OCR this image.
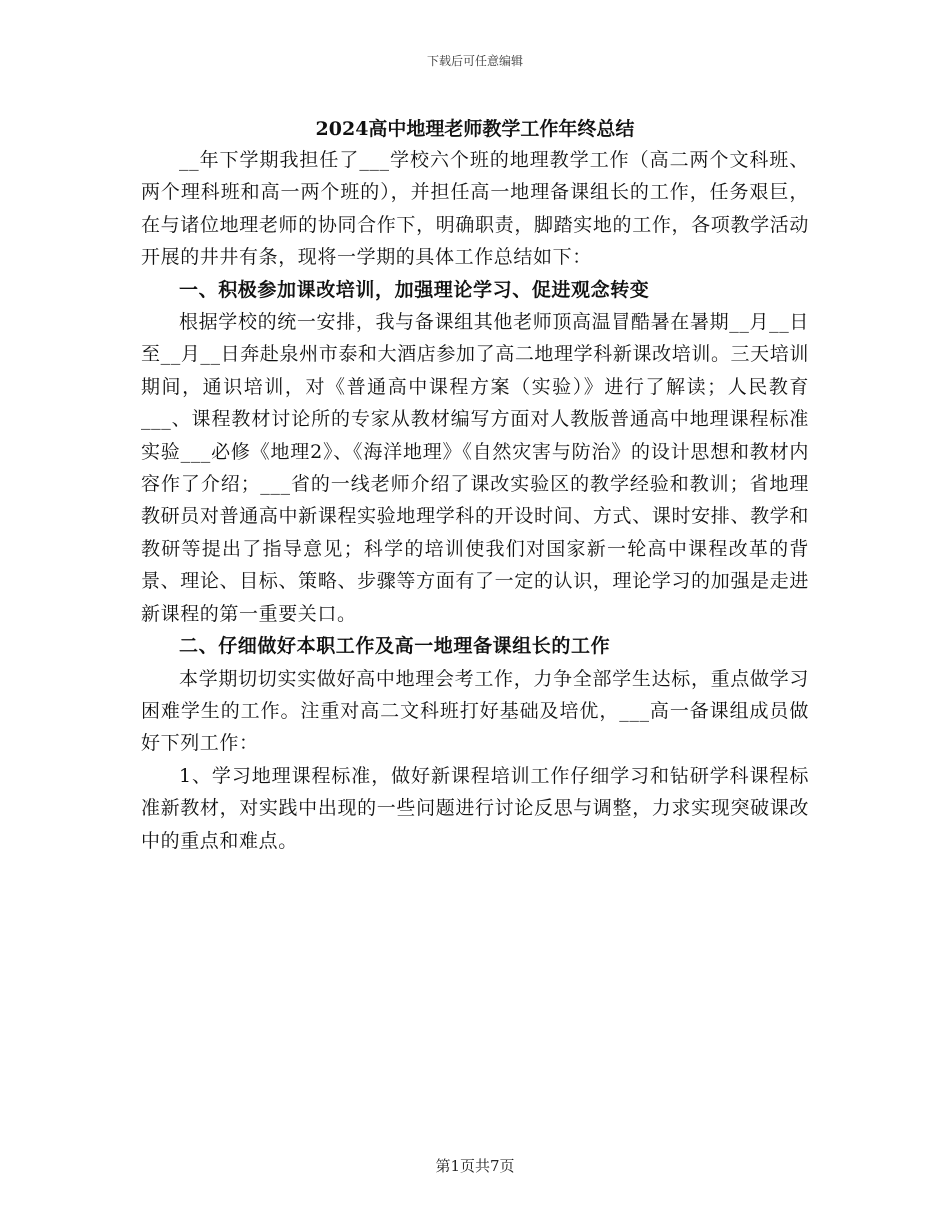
下载后可任意编辑
2024高中地理老师教学工作年终总结

__年下学期我担任了___学校六个班的地理教学工作（高二两个文科班、两个理科班和高一两个班的），并担任高一地理备课组长的工作，任务艰巨，在与诸位地理老师的协同合作下，明确职责，脚踏实地的工作，各项教学活动开展的井井有条，现将一学期的具体工作总结如下：

一、积极参加课改培训，加强理论学习、促进观念转变

根据学校的统一安排，我与备课组其他老师顶高温冒酷暑在暑期__月__日至__月__日奔赴泉州市泰和大酒店参加了高二地理学科新课改培训。三天培训期间，通识培训，对《普通高中课程方案（实验）》进行了解读；人民教育___、课程教材讨论所的专家从教材编写方面对人教版普通高中地理课程标准实验___必修《地理2》、《海洋地理》《自然灾害与防治》的设计思想和教材内容作了介绍；___省的一线老师介绍了课改实验区的教学经验和教训；省地理教研员对普通高中新课程实验地理学科的开设时间、方式、课时安排、教学和教研等提出了指导意见；科学的培训使我们对国家新一轮高中课程改革的背景、理论、目标、策略、步骤等方面有了一定的认识，理论学习的加强是走进新课程的第一重要关口。

二、仔细做好本职工作及高一地理备课组长的工作

本学期切切实实做好高中地理会考工作，力争全部学生达标，重点做学习困难学生的工作。注重对高二文科班打好基础及培优，___高一备课组成员做好下列工作：

1、学习地理课程标准，做好新课程培训工作仔细学习和钻研学科课程标准新教材，对实践中出现的一些问题进行讨论反思与调整，力求实现突破课改中的重点和难点。

第1页共7页
